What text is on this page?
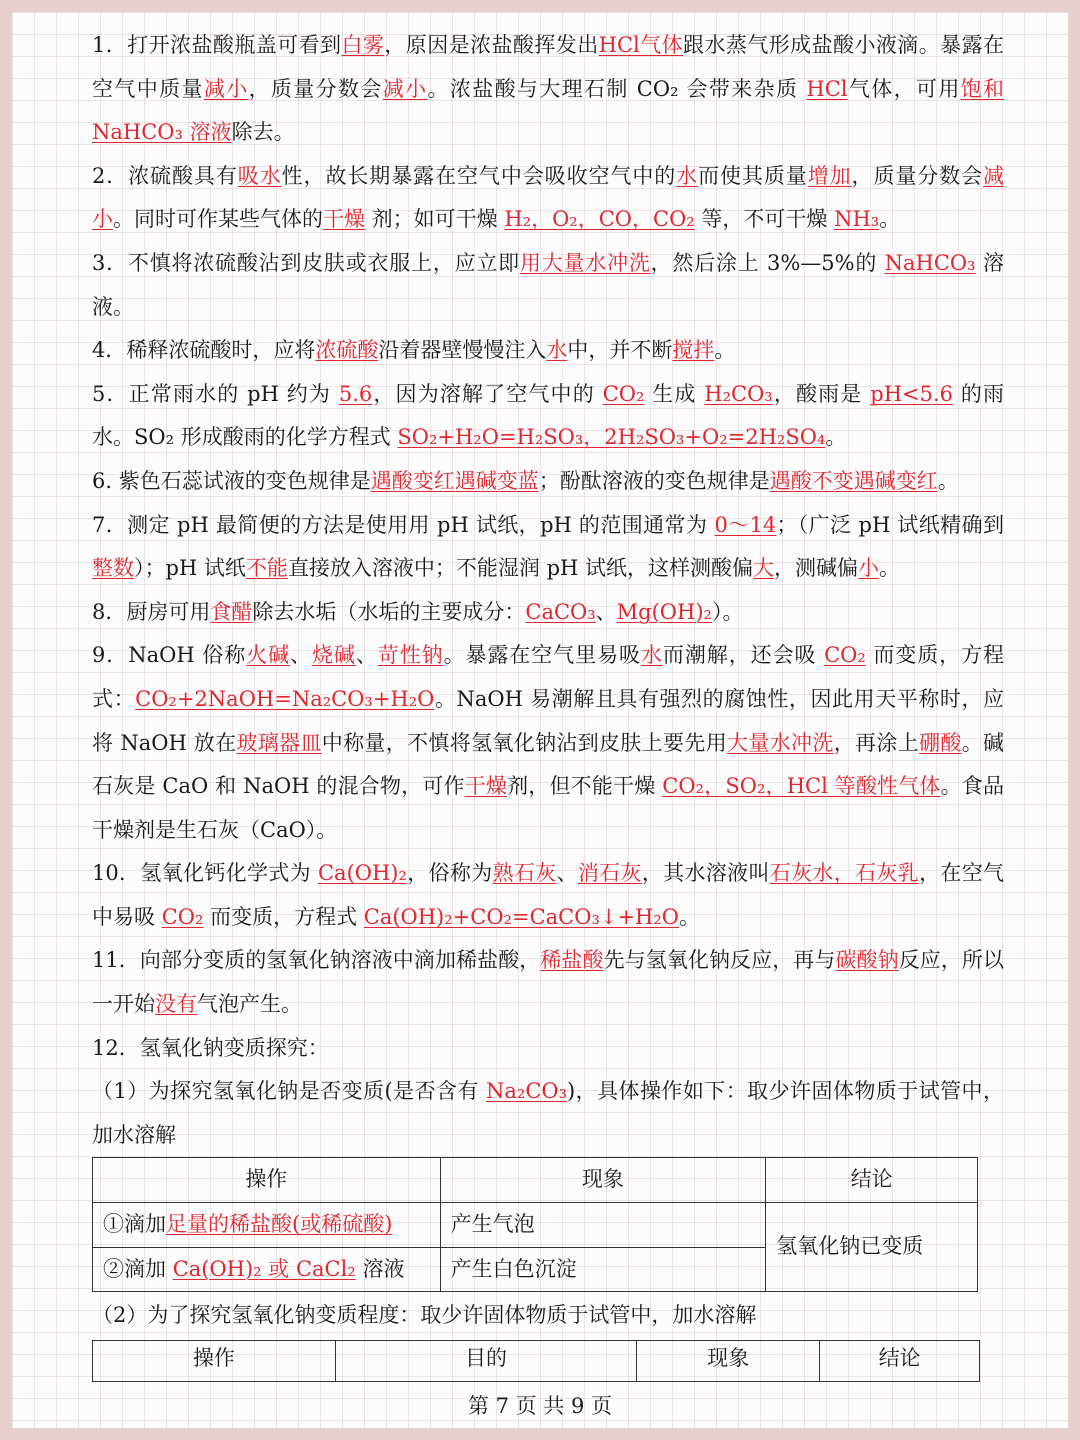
1．打开浓盐酸瓶盖可看到白雾，原因是浓盐酸挥发出HCl气体跟水蒸气形成盐酸小液滴。暴露在空气中质量减小，质量分数会减小。浓盐酸与大理石制 CO₂ 会带来杂质 HCl气体，可用饱和 NaHCO₃ 溶液除去。

2．浓硫酸具有吸水性，故长期暴露在空气中会吸收空气中的水而使其质量增加，质量分数会减小。同时可作某些气体的干燥 剂；如可干燥 H₂，O₂，CO，CO₂ 等，不可干燥 NH₃。

3．不慎将浓硫酸沾到皮肤或衣服上，应立即用大量水冲洗，然后涂上 3%—5%的 NaHCO₃ 溶液。

4．稀释浓硫酸时，应将浓硫酸沿着器壁慢慢注入水中，并不断搅拌。

5．正常雨水的 pH 约为 5.6，因为溶解了空气中的 CO₂ 生成 H₂CO₃，酸雨是 pH<5.6 的雨水。SO₂ 形成酸雨的化学方程式 SO₂+H₂O=H₂SO₃，2H₂SO₃+O₂=2H₂SO₄。

6. 紫色石蕊试液的变色规律是遇酸变红遇碱变蓝；酚酞溶液的变色规律是遇酸不变遇碱变红。

7．测定 pH 最简便的方法是使用用 pH 试纸，pH 的范围通常为 0～14；（广泛 pH 试纸精确到整数）；pH 试纸不能直接放入溶液中；不能湿润 pH 试纸，这样测酸偏大，测碱偏小。

8．厨房可用食醋除去水垢（水垢的主要成分：CaCO₃、Mg(OH)₂）。

9．NaOH 俗称火碱、烧碱、苛性钠。暴露在空气里易吸水而潮解，还会吸 CO₂ 而变质，方程式：CO₂+2NaOH=Na₂CO₃+H₂O。NaOH 易潮解且具有强烈的腐蚀性，因此用天平称时，应将 NaOH 放在玻璃器皿中称量，不慎将氢氧化钠沾到皮肤上要先用大量水冲洗，再涂上硼酸。碱石灰是 CaO 和 NaOH 的混合物，可作干燥剂，但不能干燥 CO₂，SO₂，HCl 等酸性气体。食品干燥剂是生石灰（CaO）。

10．氢氧化钙化学式为 Ca(OH)₂，俗称为熟石灰、消石灰，其水溶液叫石灰水，石灰乳，在空气中易吸 CO₂ 而变质，方程式 Ca(OH)₂+CO₂=CaCO₃↓+H₂O。

11．向部分变质的氢氧化钠溶液中滴加稀盐酸，稀盐酸先与氢氧化钠反应，再与碳酸钠反应，所以一开始没有气泡产生。

12．氢氧化钠变质探究：

（1）为探究氢氧化钠是否变质(是否含有 Na₂CO₃)，具体操作如下：取少许固体物质于试管中，加水溶解

操作	现象	结论
①滴加足量的稀盐酸(或稀硫酸)	产生气泡	氢氧化钠已变质
②滴加 Ca(OH)₂ 或 CaCl₂ 溶液	产生白色沉淀	

（2）为了探究氢氧化钠变质程度：取少许固体物质于试管中，加水溶解

操作	目的	现象	结论
第 7 页 共 9 页
